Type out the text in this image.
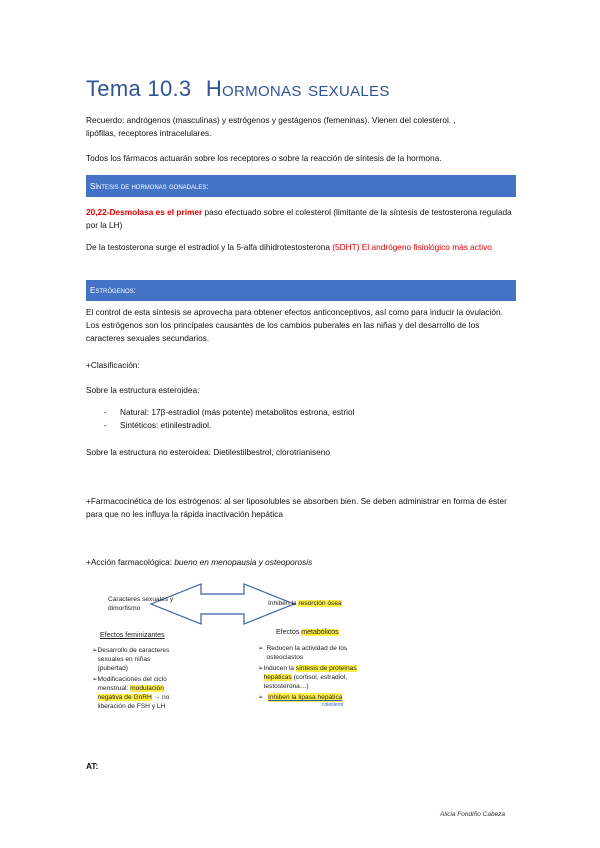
Tema 10.3 Hormonas sexuales
Recuerdo: andrógenos (masculinas) y estrógenos y gestágenos (femeninas). Vienen del colesterol. ,
lipófilas, receptores intracelulares.
Todos los fármacos actuarán sobre los receptores o sobre la reacción de síntesis de la hormona.
Síntesis de hormonas gonadales:
20,22-Desmolasa es el primer paso efectuado sobre el colesterol (limitante de la síntesis de testosterona regulada por la LH)
De la testosterona surge el estradiol y la 5-alfa dihidrotestosterona (5DHT) El andrógeno fisiológico más activo
Estrógenos:
El control de esta síntesis se aprovecha para obtener efectos anticonceptivos, así como para inducir la ovulación. Los estrógenos son los principales causantes de los cambios puberales en las niñas y del desarrollo de los caracteres sexuales secundarios.
+Clasificación:
Sobre la estructura esteroidea:
- Natural: 17β-estradiol (más potente) metabolitos estrona, estriol
- Sintéticos: etinilestradiol.
Sobre la estructura no esteroidea: Dietilestilbestrol, clorotrianiseno
+Farmacocinética de los estrógenos: al ser liposolubles se absorben bien. Se deben administrar en forma de éster para que no les influya la rápida inactivación hepática
+Acción farmacológica: bueno en menopausia y osteoporosis
Caracteres sexuales y dimorfismo
Inhiben la resorción ósea
Efectos feminizantes	Efectos metabólicos
➢ Desarrollo de caracteres sexuales en niñas (pubertad)
➢ Modificaciones del ciclo menstrual: modulación negativa de GnRH → no liberación de FSH y LH
➢ Reducen la actividad de los osteoclastos
➢ Inducen la síntesis de proteínas hepáticas (cortisol, estradiol, testosterona…)
➢ Inhiben la lipasa hepática
colesterol
AT:
Alicia Fondiño Cabeza
